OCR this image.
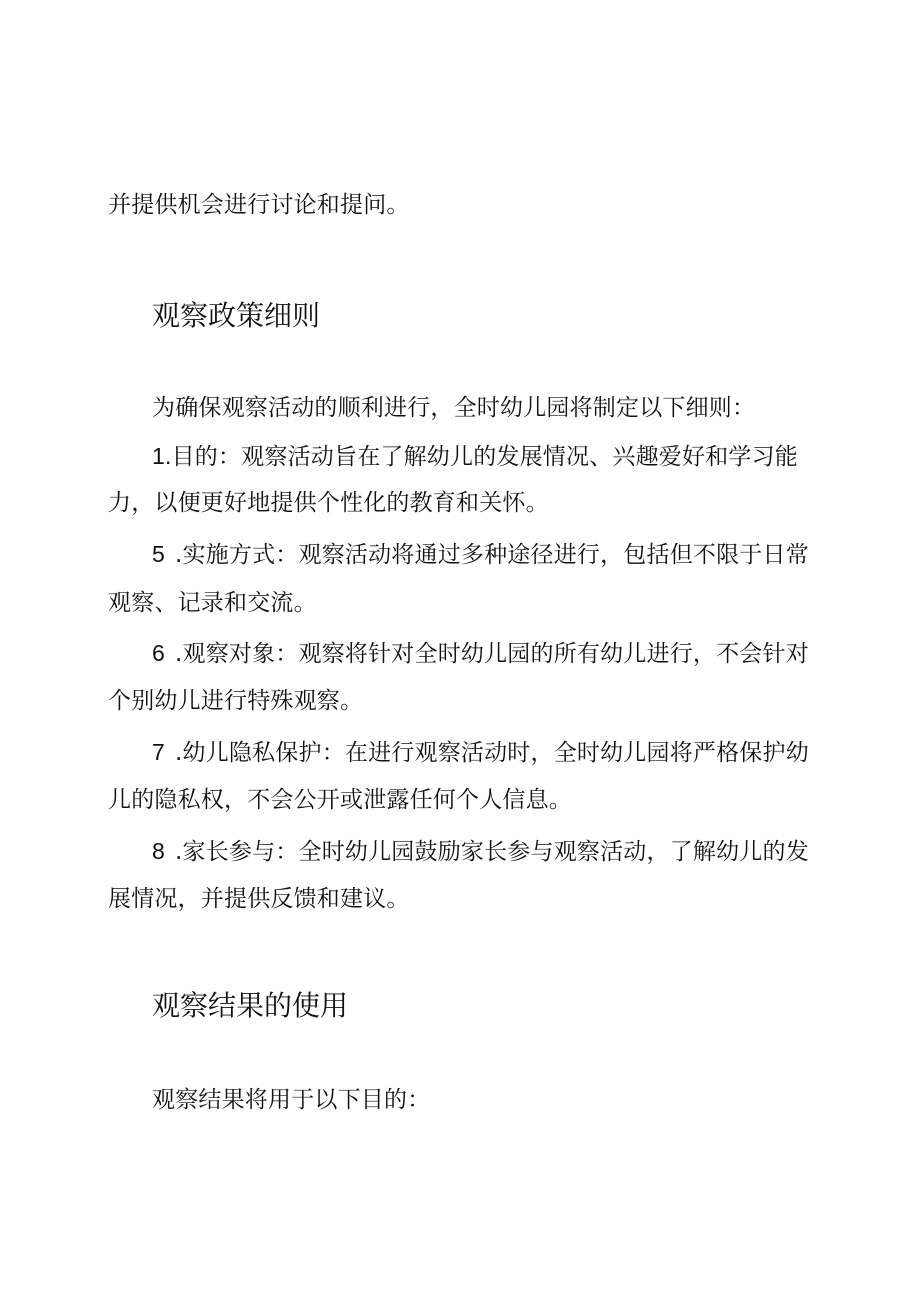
并提供机会进行讨论和提问。
观察政策细则
为确保观察活动的顺利进行，全时幼儿园将制定以下细则：
1.目的：观察活动旨在了解幼儿的发展情况、兴趣爱好和学习能
力，以便更好地提供个性化的教育和关怀。
5 .实施方式：观察活动将通过多种途径进行，包括但不限于日常
观察、记录和交流。
6 .观察对象：观察将针对全时幼儿园的所有幼儿进行，不会针对
个别幼儿进行特殊观察。
7 .幼儿隐私保护：在进行观察活动时，全时幼儿园将严格保护幼
儿的隐私权，不会公开或泄露任何个人信息。
8 .家长参与：全时幼儿园鼓励家长参与观察活动，了解幼儿的发
展情况，并提供反馈和建议。
观察结果的使用
观察结果将用于以下目的：
